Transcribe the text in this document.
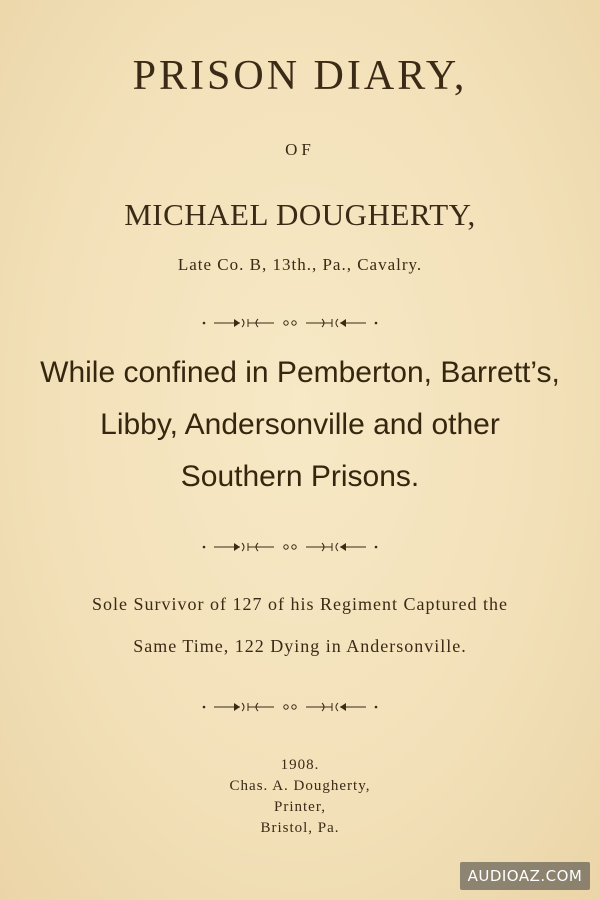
PRISON DIARY,
OF
MICHAEL DOUGHERTY,
Late Co. B, 13th., Pa., Cavalry.
While confined in Pemberton, Barrett’s,
Libby, Andersonville and other
Southern Prisons.
Sole Survivor of 127 of his Regiment Captured the
Same Time, 122 Dying in Andersonville.
1908.
Chas. A. Dougherty,
Printer,
Bristol, Pa.
AUDIOAZ.COM
